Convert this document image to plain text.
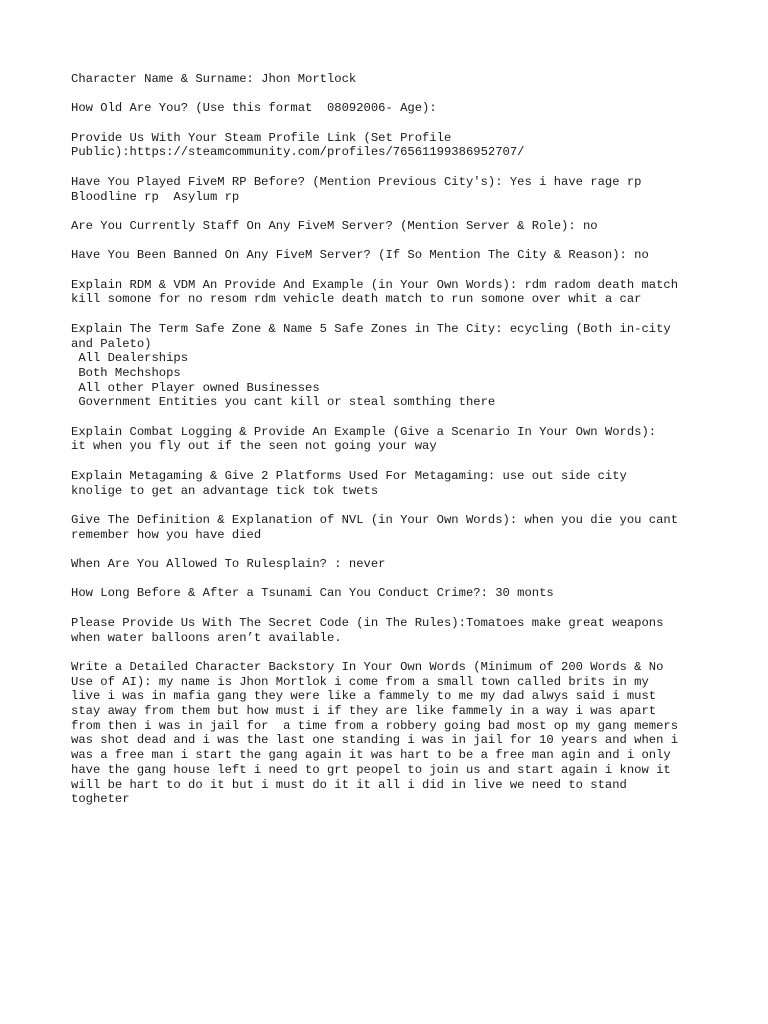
Character Name & Surname: Jhon Mortlock
How Old Are You? (Use this format  08092006- Age):
Provide Us With Your Steam Profile Link (Set Profile
Public):https://steamcommunity.com/profiles/76561199386952707/
Have You Played FiveM RP Before? (Mention Previous City's): Yes i have rage rp
Bloodline rp  Asylum rp
Are You Currently Staff On Any FiveM Server? (Mention Server & Role): no
Have You Been Banned On Any FiveM Server? (If So Mention The City & Reason): no
Explain RDM & VDM An Provide And Example (in Your Own Words): rdm radom death match
kill somone for no resom rdm vehicle death match to run somone over whit a car
Explain The Term Safe Zone & Name 5 Safe Zones in The City: ecycling (Both in-city
and Paleto)
All Dealerships
Both Mechshops
All other Player owned Businesses
Government Entities you cant kill or steal somthing there
Explain Combat Logging & Provide An Example (Give a Scenario In Your Own Words):
it when you fly out if the seen not going your way
Explain Metagaming & Give 2 Platforms Used For Metagaming: use out side city
knolige to get an advantage tick tok twets
Give The Definition & Explanation of NVL (in Your Own Words): when you die you cant
remember how you have died
When Are You Allowed To Rulesplain? : never
How Long Before & After a Tsunami Can You Conduct Crime?: 30 monts
Please Provide Us With The Secret Code (in The Rules):Tomatoes make great weapons
when water balloons aren’t available.
Write a Detailed Character Backstory In Your Own Words (Minimum of 200 Words & No
Use of AI): my name is Jhon Mortlok i come from a small town called brits in my
live i was in mafia gang they were like a fammely to me my dad alwys said i must
stay away from them but how must i if they are like fammely in a way i was apart
from then i was in jail for  a time from a robbery going bad most op my gang memers
was shot dead and i was the last one standing i was in jail for 10 years and when i
was a free man i start the gang again it was hart to be a free man agin and i only
have the gang house left i need to grt peopel to join us and start again i know it
will be hart to do it but i must do it it all i did in live we need to stand
togheter
